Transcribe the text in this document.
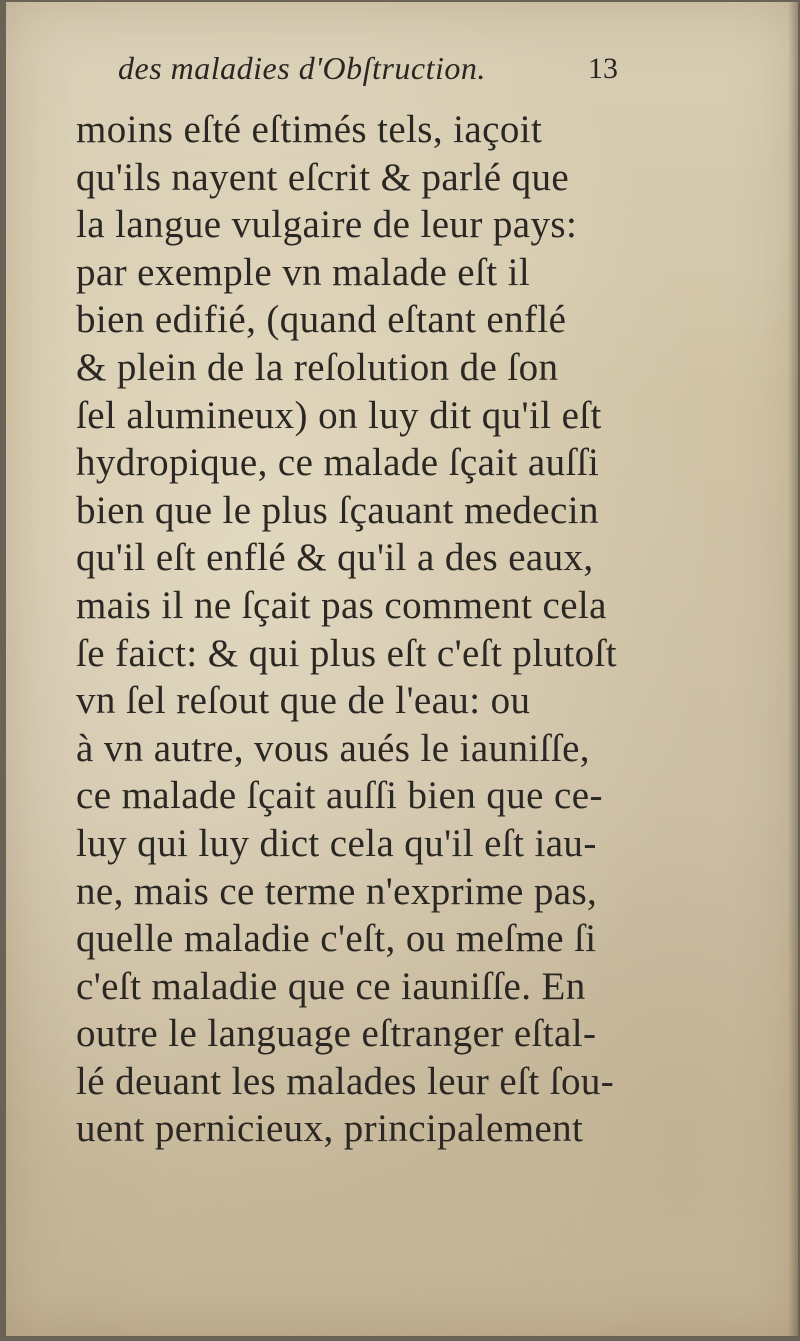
des maladies d'Obſtruction.	13
moins eſté eſtimés tels, iaçoit
qu'ils nayent eſcrit & parlé que
la langue vulgaire de leur pays:
par exemple vn malade eſt il
bien edifié, (quand eſtant enflé
& plein de la reſolution de ſon
ſel alumineux) on luy dit qu'il eſt
hydropique, ce malade ſçait auſſi
bien que le plus ſçauant medecin
qu'il eſt enflé & qu'il a des eaux,
mais il ne ſçait pas comment cela
ſe faict: & qui plus eſt c'eſt plutoſt
vn ſel reſout que de l'eau: ou
à vn autre, vous aués le iauniſſe,
ce malade ſçait auſſi bien que ce-
luy qui luy dict cela qu'il eſt iau-
ne, mais ce terme n'exprime pas,
quelle maladie c'eſt, ou meſme ſi
c'eſt maladie que ce iauniſſe. En
outre le language eſtranger eſtal-
lé deuant les malades leur eſt ſou-
uent pernicieux, principalement
